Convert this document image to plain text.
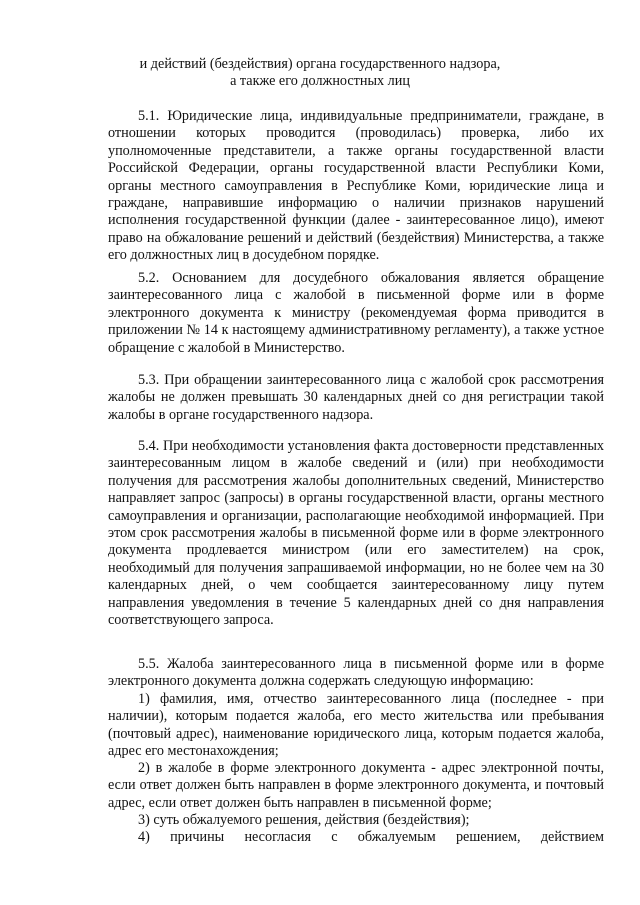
и действий (бездействия) органа государственного надзора,
а также его должностных лиц

5.1. Юридические лица, индивидуальные предприниматели, граждане, в отношении которых проводится (проводилась) проверка, либо их уполномоченные представители, а также органы государственной власти Российской Федерации, органы государственной власти Республики Коми, органы местного самоуправления в Республике Коми, юридические лица и граждане, направившие информацию о наличии признаков нарушений исполнения государственной функции (далее - заинтересованное лицо), имеют право на обжалование решений и действий (бездействия) Министерства, а также его должностных лиц в досудебном порядке.

5.2. Основанием для досудебного обжалования является обращение заинтересованного лица с жалобой в письменной форме или в форме электронного документа к министру (рекомендуемая форма приводится в приложении № 14 к настоящему административному регламенту), а также устное обращение с жалобой в Министерство.

5.3. При обращении заинтересованного лица с жалобой срок рассмотрения жалобы не должен превышать 30 календарных дней со дня регистрации такой жалобы в органе государственного надзора.

5.4. При необходимости установления факта достоверности представленных заинтересованным лицом в жалобе сведений и (или) при необходимости получения для рассмотрения жалобы дополнительных сведений, Министерство направляет запрос (запросы) в органы государственной власти, органы местного самоуправления и организации, располагающие необходимой информацией. При этом срок рассмотрения жалобы в письменной форме или в форме электронного документа продлевается министром (или его заместителем) на срок, необходимый для получения запрашиваемой информации, но не более чем на 30 календарных дней, о чем сообщается заинтересованному лицу путем направления уведомления в течение 5 календарных дней со дня направления соответствующего запроса.

5.5. Жалоба заинтересованного лица в письменной форме или в форме электронного документа должна содержать следующую информацию:

1) фамилия, имя, отчество заинтересованного лица (последнее - при наличии), которым подается жалоба, его место жительства или пребывания (почтовый адрес), наименование юридического лица, которым подается жалоба, адрес его местонахождения;

2) в жалобе в форме электронного документа - адрес электронной почты, если ответ должен быть направлен в форме электронного документа, и почтовый адрес, если ответ должен быть направлен в письменной форме;

3) суть обжалуемого решения, действия (бездействия);

4) причины несогласия с обжалуемым решением, действием
